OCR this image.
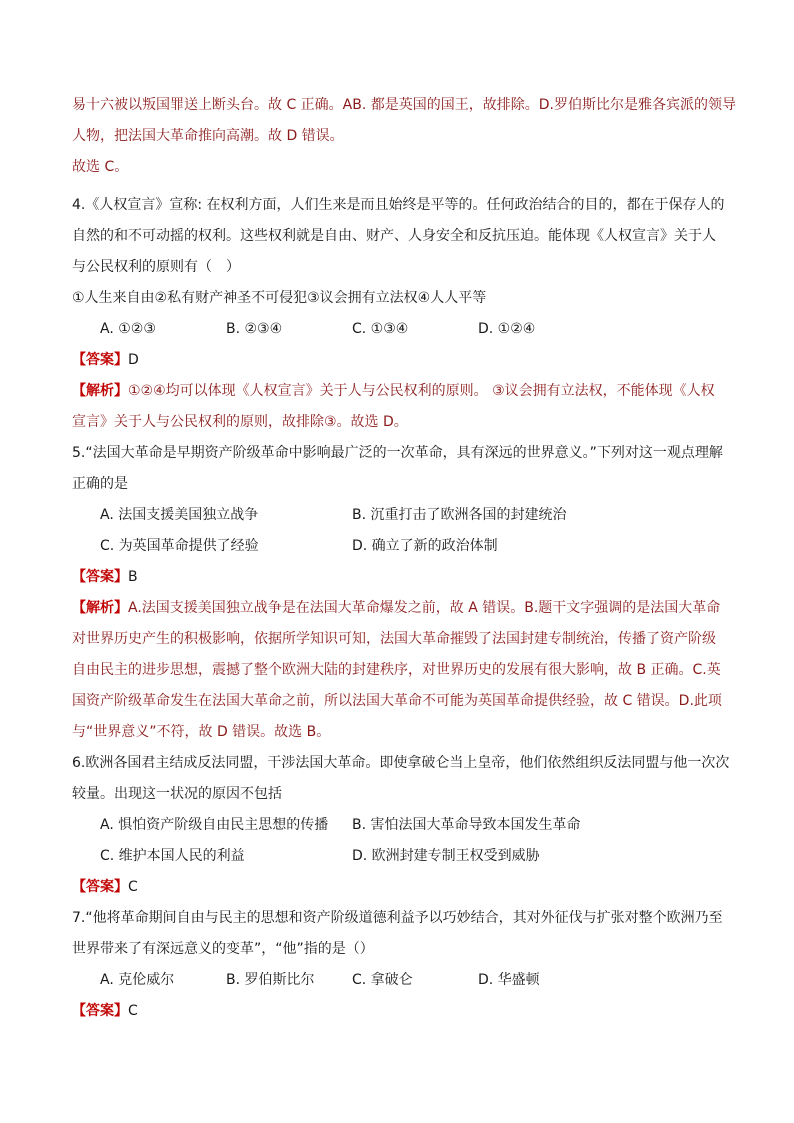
易十六被以叛国罪送上断头台。故 C 正确。AB. 都是英国的国王，故排除。D.罗伯斯比尔是雅各宾派的领导
人物，把法国大革命推向高潮。故 D 错误。
故选 C。
4.《人权宣言》宣称: 在权利方面，人们生来是而且始终是平等的。任何政治结合的目的，都在于保存人的
自然的和不可动摇的权利。这些权利就是自由、财产、人身安全和反抗压迫。能体现《人权宣言》关于人
与公民权利的原则有（　）
①人生来自由②私有财产神圣不可侵犯③议会拥有立法权④人人平等
A. ①②③	B. ②③④	C. ①③④	D. ①②④
【答案】D
【解析】①②④均可以体现《人权宣言》关于人与公民权利的原则。 ③议会拥有立法权，不能体现《人权
宣言》关于人与公民权利的原则，故排除③。故选 D。
5.“法国大革命是早期资产阶级革命中影响最广泛的一次革命，具有深远的世界意义。”下列对这一观点理解
正确的是
A. 法国支援美国独立战争	B. 沉重打击了欧洲各国的封建统治
C. 为英国革命提供了经验	D. 确立了新的政治体制
【答案】B
【解析】A.法国支援美国独立战争是在法国大革命爆发之前，故 A 错误。B.题干文字强调的是法国大革命
对世界历史产生的积极影响，依据所学知识可知，法国大革命摧毁了法国封建专制统治，传播了资产阶级
自由民主的进步思想，震撼了整个欧洲大陆的封建秩序，对世界历史的发展有很大影响，故 B 正确。C.英
国资产阶级革命发生在法国大革命之前，所以法国大革命不可能为英国革命提供经验，故 C 错误。D.此项
与“世界意义”不符，故 D 错误。故选 B。
6.欧洲各国君主结成反法同盟，干涉法国大革命。即使拿破仑当上皇帝，他们依然组织反法同盟与他一次次
较量。出现这一状况的原因不包括
A. 惧怕资产阶级自由民主思想的传播 B. 害怕法国大革命导致本国发生革命
C. 维护本国人民的利益	D. 欧洲封建专制王权受到威胁
【答案】C
7.“他将革命期间自由与民主的思想和资产阶级道德利益予以巧妙结合，其对外征伐与扩张对整个欧洲乃至
世界带来了有深远意义的变革”，“他”指的是（）
A. 克伦威尔	B. 罗伯斯比尔	C. 拿破仑	D. 华盛顿
【答案】C
